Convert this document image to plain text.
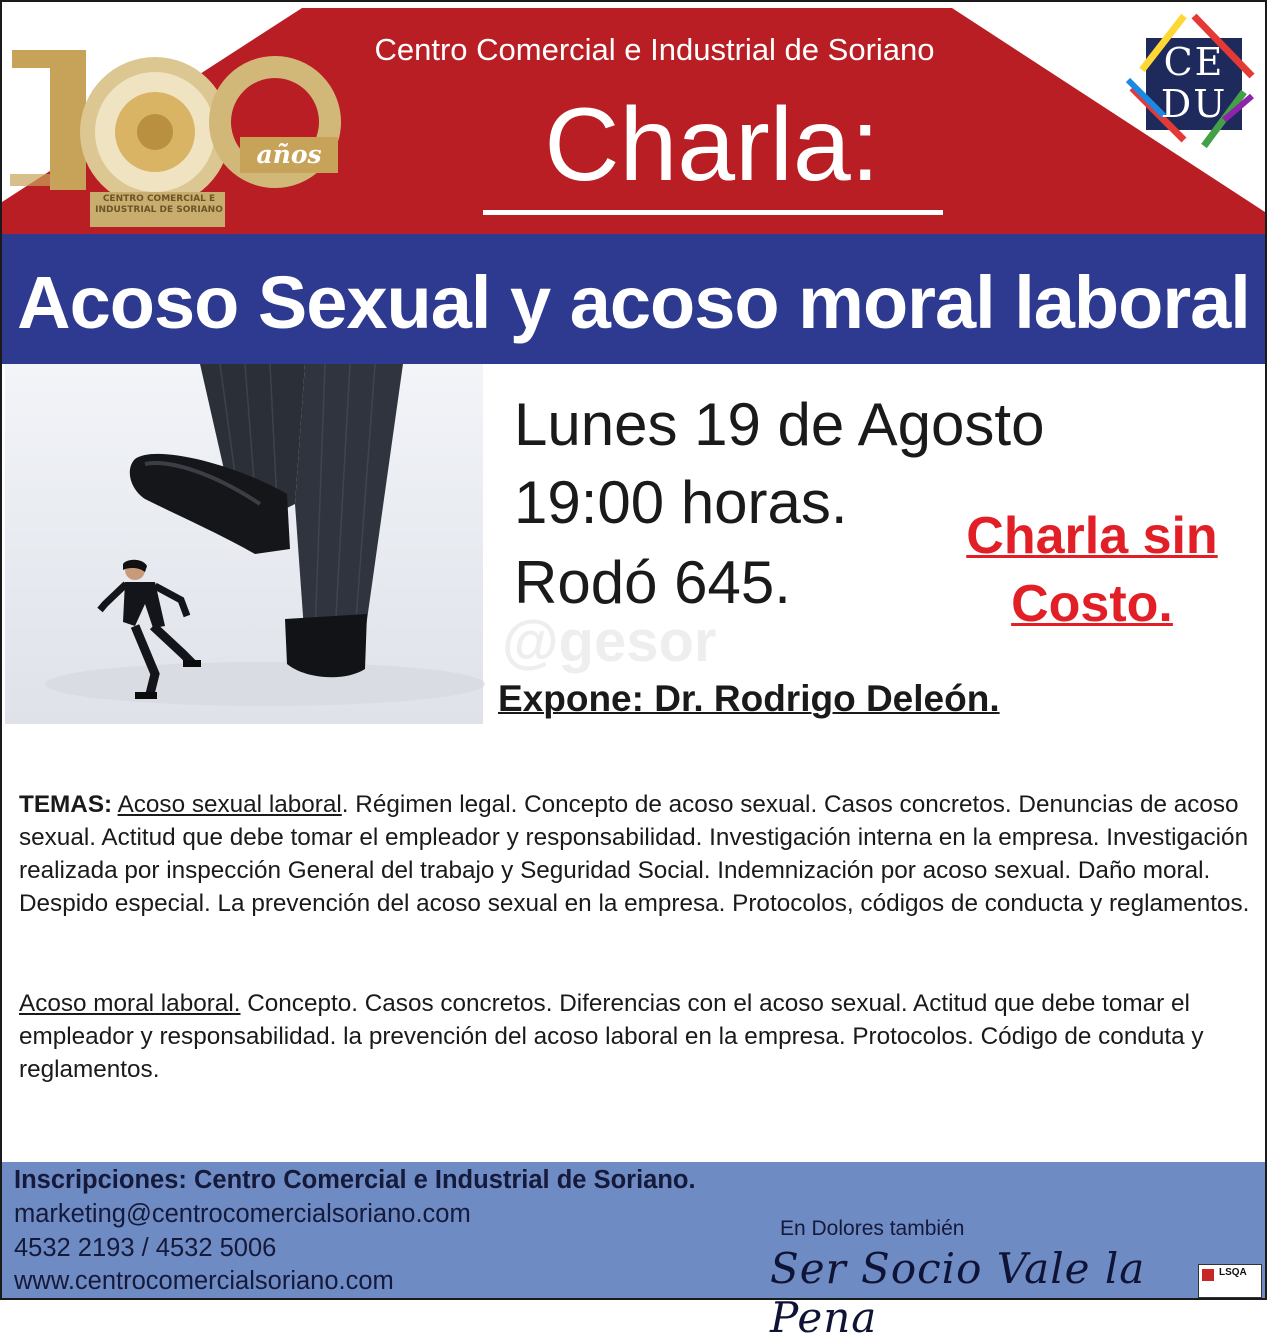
años
CENTRO COMERCIAL E INDUSTRIAL DE SORIANO
Centro Comercial e Industrial de Soriano
Charla:
CE
DU
Acoso Sexual y acoso moral laboral
Lunes 19 de Agosto
19:00 horas.
Rodó 645.
Charla sin
Costo.
@gesor
Expone: Dr. Rodrigo Deleón.
TEMAS: Acoso sexual laboral. Régimen legal. Concepto de acoso sexual. Casos concretos. Denuncias de acoso sexual. Actitud que debe tomar el empleador y responsabilidad. Investigación interna en la empresa. Investigación realizada por inspección General del trabajo y Seguridad Social. Indemnización por acoso sexual. Daño moral. Despido especial. La prevención del acoso sexual en la empresa. Protocolos, códigos de conducta y reglamentos.
Acoso moral laboral. Concepto. Casos concretos. Diferencias con el acoso sexual. Actitud que debe tomar el empleador y responsabilidad. la prevención del acoso laboral en la empresa. Protocolos. Código de conduta y reglamentos.
Inscripciones: Centro Comercial e Industrial de Soriano.
marketing@centrocomercialsoriano.com
4532 2193 / 4532 5006
www.centrocomercialsoriano.com
En Dolores también
Ser Socio Vale la Pena
LSQA
